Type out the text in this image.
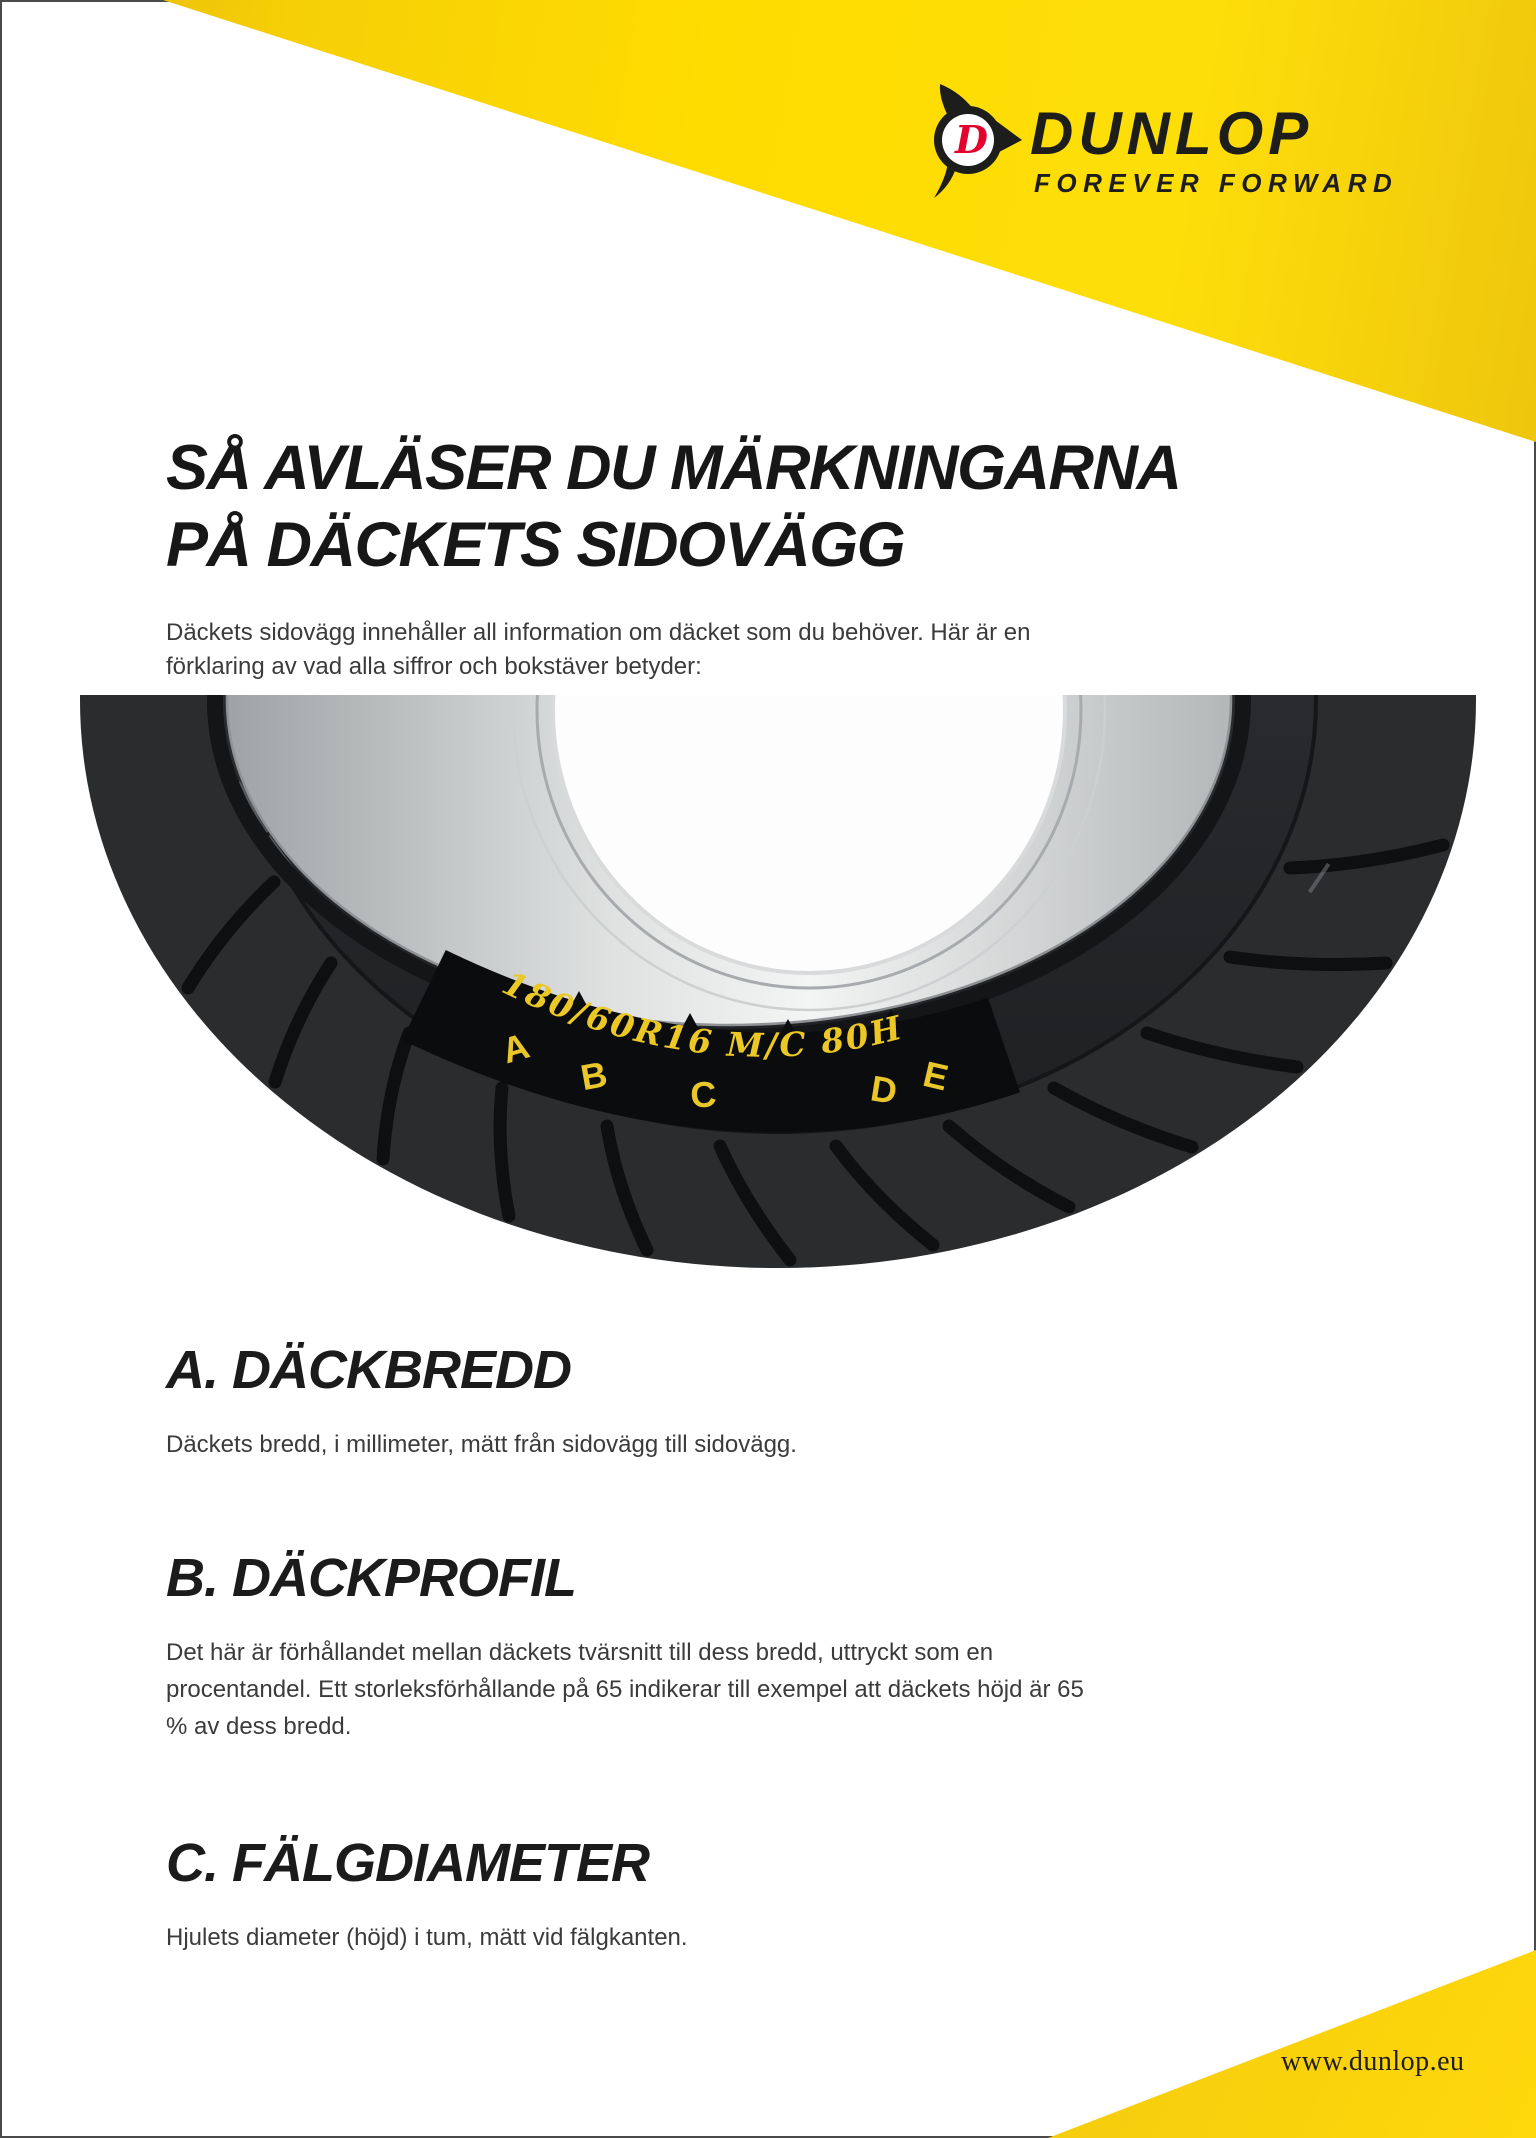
D DUNLOP
FOREVER FORWARD
SÅ AVLÄSER DU MÄRKNINGARNA
PÅ DÄCKETS SIDOVÄGG
Däckets sidovägg innehåller all information om däcket som du behöver. Här är en
förklaring av vad alla siffror och bokstäver betyder:
180/60R16 M/C 80H
A
B C	D E
A. DÄCKBREDD
Däckets bredd, i millimeter, mätt från sidovägg till sidovägg.
B. DÄCKPROFIL
Det här är förhållandet mellan däckets tvärsnitt till dess bredd, uttryckt som en
procentandel. Ett storleksförhållande på 65 indikerar till exempel att däckets höjd är 65
% av dess bredd.
C. FÄLGDIAMETER
Hjulets diameter (höjd) i tum, mätt vid fälgkanten.
www.dunlop.eu
